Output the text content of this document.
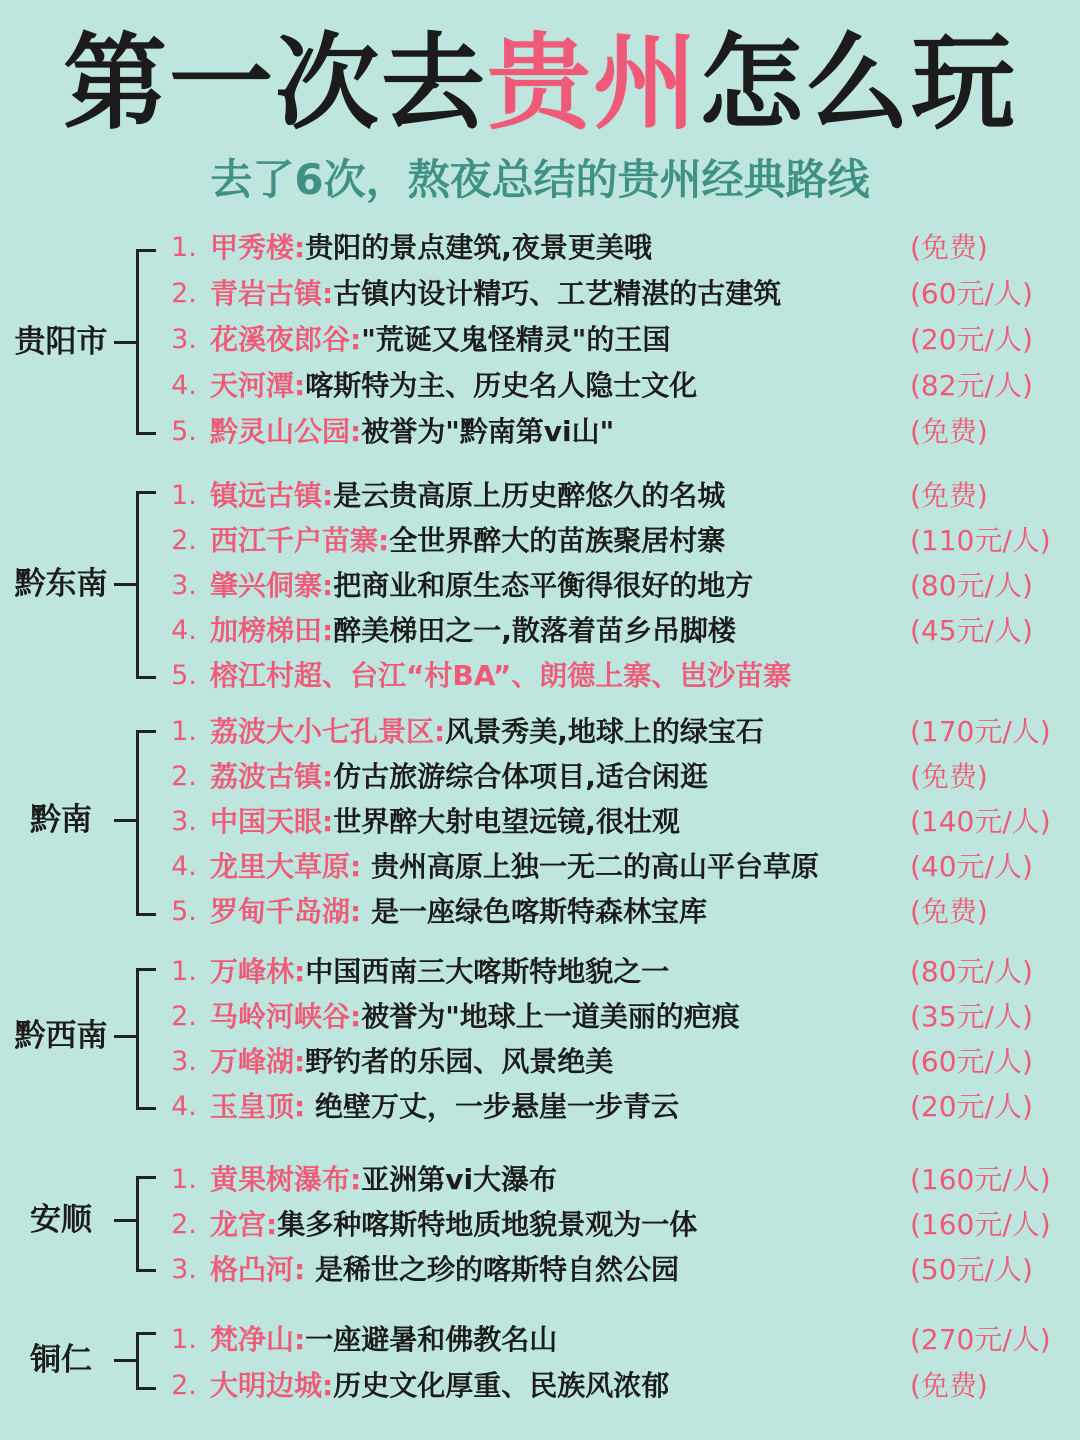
第一次去贵州怎么玩
去了6次，熬夜总结的贵州经典路线
贵阳市
1. 甲秀楼:贵阳的景点建筑,夜景更美哦	(免费)
2. 青岩古镇:古镇内设计精巧、工艺精湛的古建筑	(60元/人)
3. 花溪夜郎谷:"荒诞又鬼怪精灵"的王国	(20元/人)
4. 天河潭:喀斯特为主、历史名人隐士文化	(82元/人)
5. 黔灵山公园:被誉为"黔南第vi山"	(免费)
黔东南
1. 镇远古镇:是云贵高原上历史醉悠久的名城	(免费)
2. 西江千户苗寨:全世界醉大的苗族聚居村寨	(110元/人)
3. 肇兴侗寨:把商业和原生态平衡得很好的地方	(80元/人)
4. 加榜梯田:醉美梯田之一,散落着苗乡吊脚楼	(45元/人)
5. 榕江村超、台江“村BA”、朗德上寨、岜沙苗寨
黔南
1. 荔波大小七孔景区:风景秀美,地球上的绿宝石	(170元/人)
2. 荔波古镇:仿古旅游综合体项目,适合闲逛	(免费)
3. 中国天眼:世界醉大射电望远镜,很壮观	(140元/人)
4. 龙里大草原: 贵州高原上独一无二的高山平台草原	(40元/人)
5. 罗甸千岛湖: 是一座绿色喀斯特森林宝库	(免费)
黔西南
1. 万峰林:中国西南三大喀斯特地貌之一	(80元/人)
2. 马岭河峡谷:被誉为"地球上一道美丽的疤痕	(35元/人)
3. 万峰湖:野钓者的乐园、风景绝美	(60元/人)
4. 玉皇顶: 绝壁万丈，一步悬崖一步青云	(20元/人)
安顺
1. 黄果树瀑布:亚洲第vi大瀑布	(160元/人)
2. 龙宫:集多种喀斯特地质地貌景观为一体	(160元/人)
3. 格凸河: 是稀世之珍的喀斯特自然公园	(50元/人)
铜仁
1. 梵净山:一座避暑和佛教名山	(270元/人)
2. 大明边城:历史文化厚重、民族风浓郁	(免费)
